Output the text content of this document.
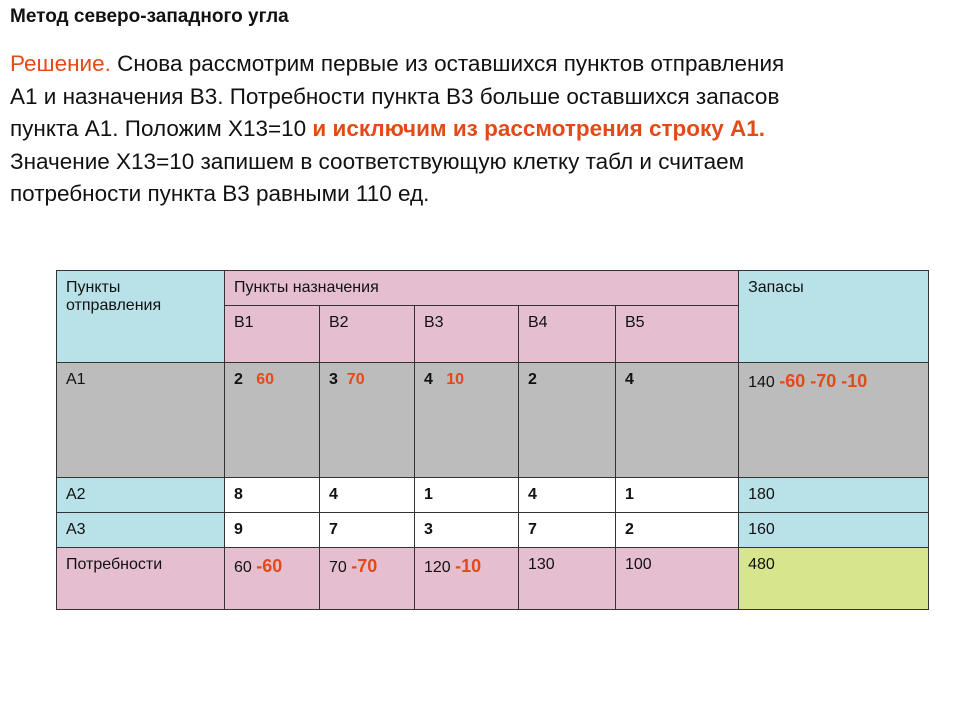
Метод северо-западного угла
Решение. Снова рассмотрим первые из оставшихся пунктов отправления
А1 и назначения В3. Потребности пункта В3 больше оставшихся запасов
пункта А1. Положим Х13=10 и исключим из рассмотрения строку А1.
Значение Х13=10 запишем в соответствующую клетку табл и считаем
потребности пункта В3 равными 110 ед.
Пункты отправления	Пункты назначения					Запасы
	В1	В2	В3	В4	В5	
А1	2 60	3 70	4 10	2	4	140 -60 -70 -10
А2	8	4	1	4	1	180
А3	9	7	3	7	2	160
Потребности	60 -60	70 -70	120 -10	130	100	480
